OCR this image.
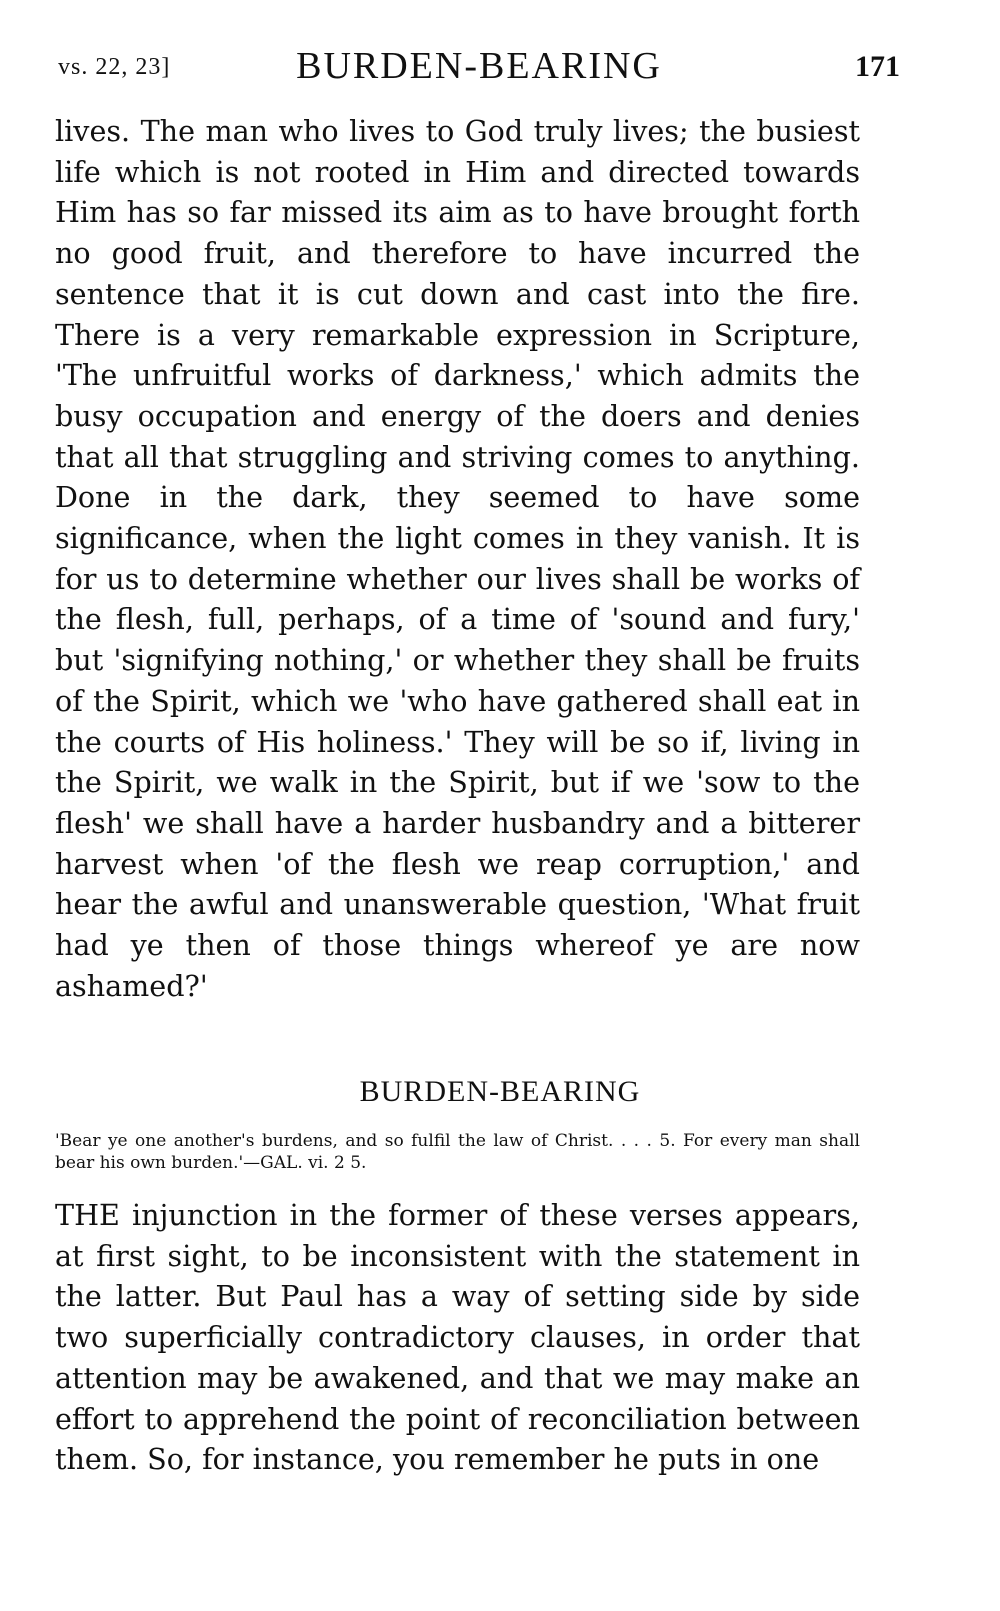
vs. 22, 23]	BURDEN-BEARING	171
lives. The man who lives to God truly lives; the busiest life which is not rooted in Him and directed towards Him has so far missed its aim as to have brought forth no good fruit, and therefore to have incurred the sentence that it is cut down and cast into the fire. There is a very remarkable expression in Scripture, 'The unfruitful works of darkness,' which admits the busy occupation and energy of the doers and denies that all that struggling and striving comes to anything. Done in the dark, they seemed to have some significance, when the light comes in they vanish. It is for us to determine whether our lives shall be works of the flesh, full, perhaps, of a time of 'sound and fury,' but 'signifying nothing,' or whether they shall be fruits of the Spirit, which we 'who have gathered shall eat in the courts of His holiness.' They will be so if, living in the Spirit, we walk in the Spirit, but if we 'sow to the flesh' we shall have a harder husbandry and a bitterer harvest when 'of the flesh we reap corruption,' and hear the awful and unanswerable question, 'What fruit had ye then of those things whereof ye are now ashamed?'
BURDEN-BEARING
'Bear ye one another's burdens, and so fulfil the law of Christ. . . . 5. For every man shall bear his own burden.'—GAL. vi. 2 5.
THE injunction in the former of these verses appears, at first sight, to be inconsistent with the statement in the latter. But Paul has a way of setting side by side two superficially contradictory clauses, in order that attention may be awakened, and that we may make an effort to apprehend the point of reconciliation between them. So, for instance, you remember he puts in one
